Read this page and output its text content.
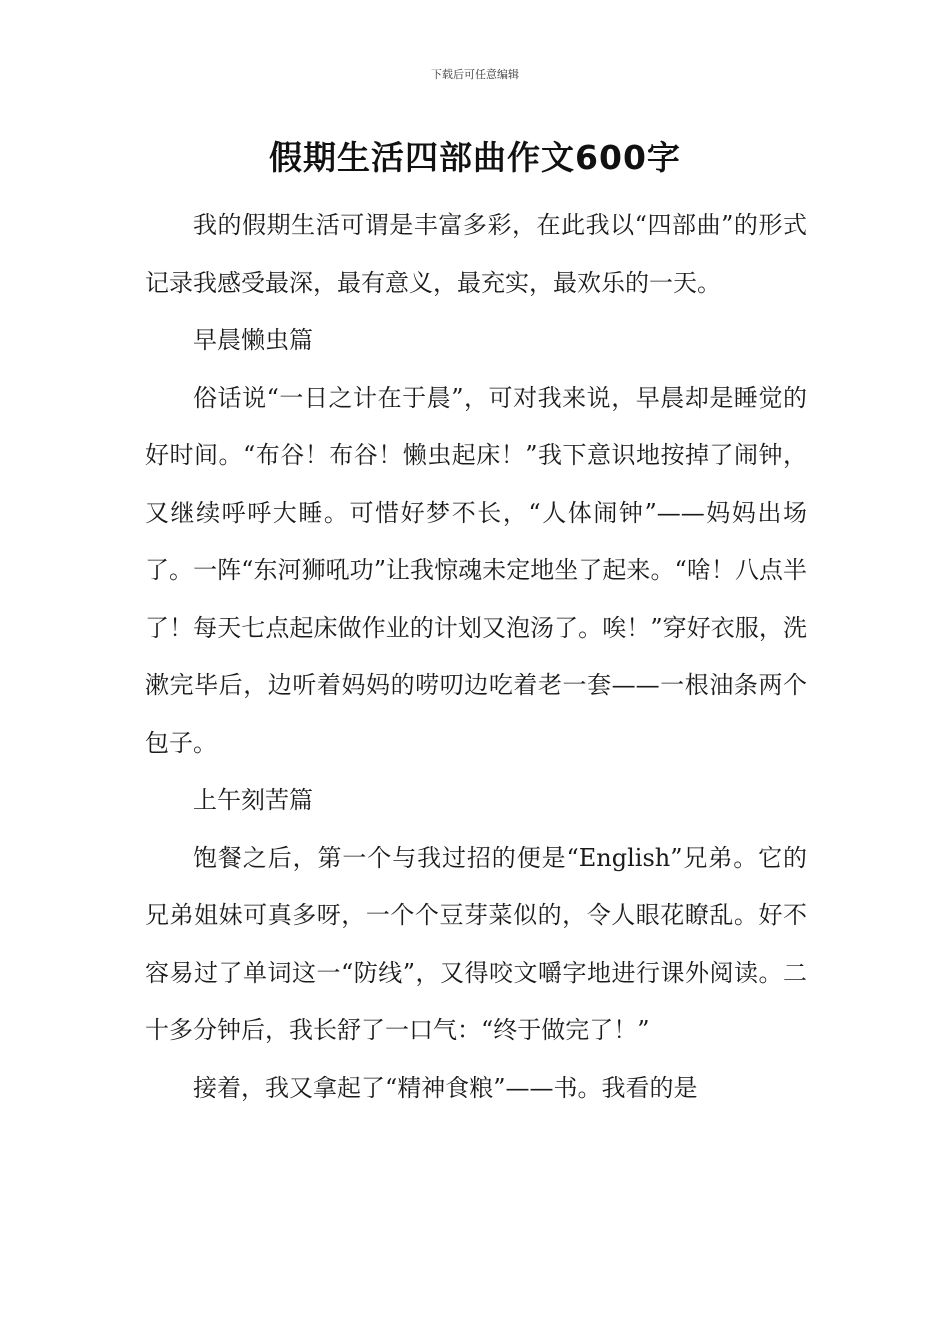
下载后可任意编辑
假期生活四部曲作文600字

我的假期生活可谓是丰富多彩，在此我以“四部曲”的形式记录我感受最深，最有意义，最充实，最欢乐的一天。

早晨懒虫篇

俗话说“一日之计在于晨”，可对我来说，早晨却是睡觉的好时间。“布谷！布谷！懒虫起床！”我下意识地按掉了闹钟，又继续呼呼大睡。可惜好梦不长，“人体闹钟”——妈妈出场了。一阵“东河狮吼功”让我惊魂未定地坐了起来。“啥！八点半了！每天七点起床做作业的计划又泡汤了。唉！”穿好衣服，洗漱完毕后，边听着妈妈的唠叨边吃着老一套——一根油条两个包子。

上午刻苦篇

饱餐之后，第一个与我过招的便是“English”兄弟。它的兄弟姐妹可真多呀，一个个豆芽菜似的，令人眼花瞭乱。好不容易过了单词这一“防线”，又得咬文嚼字地进行课外阅读。二十多分钟后，我长舒了一口气：“终于做完了！”

接着，我又拿起了“精神食粮”——书。我看的是
